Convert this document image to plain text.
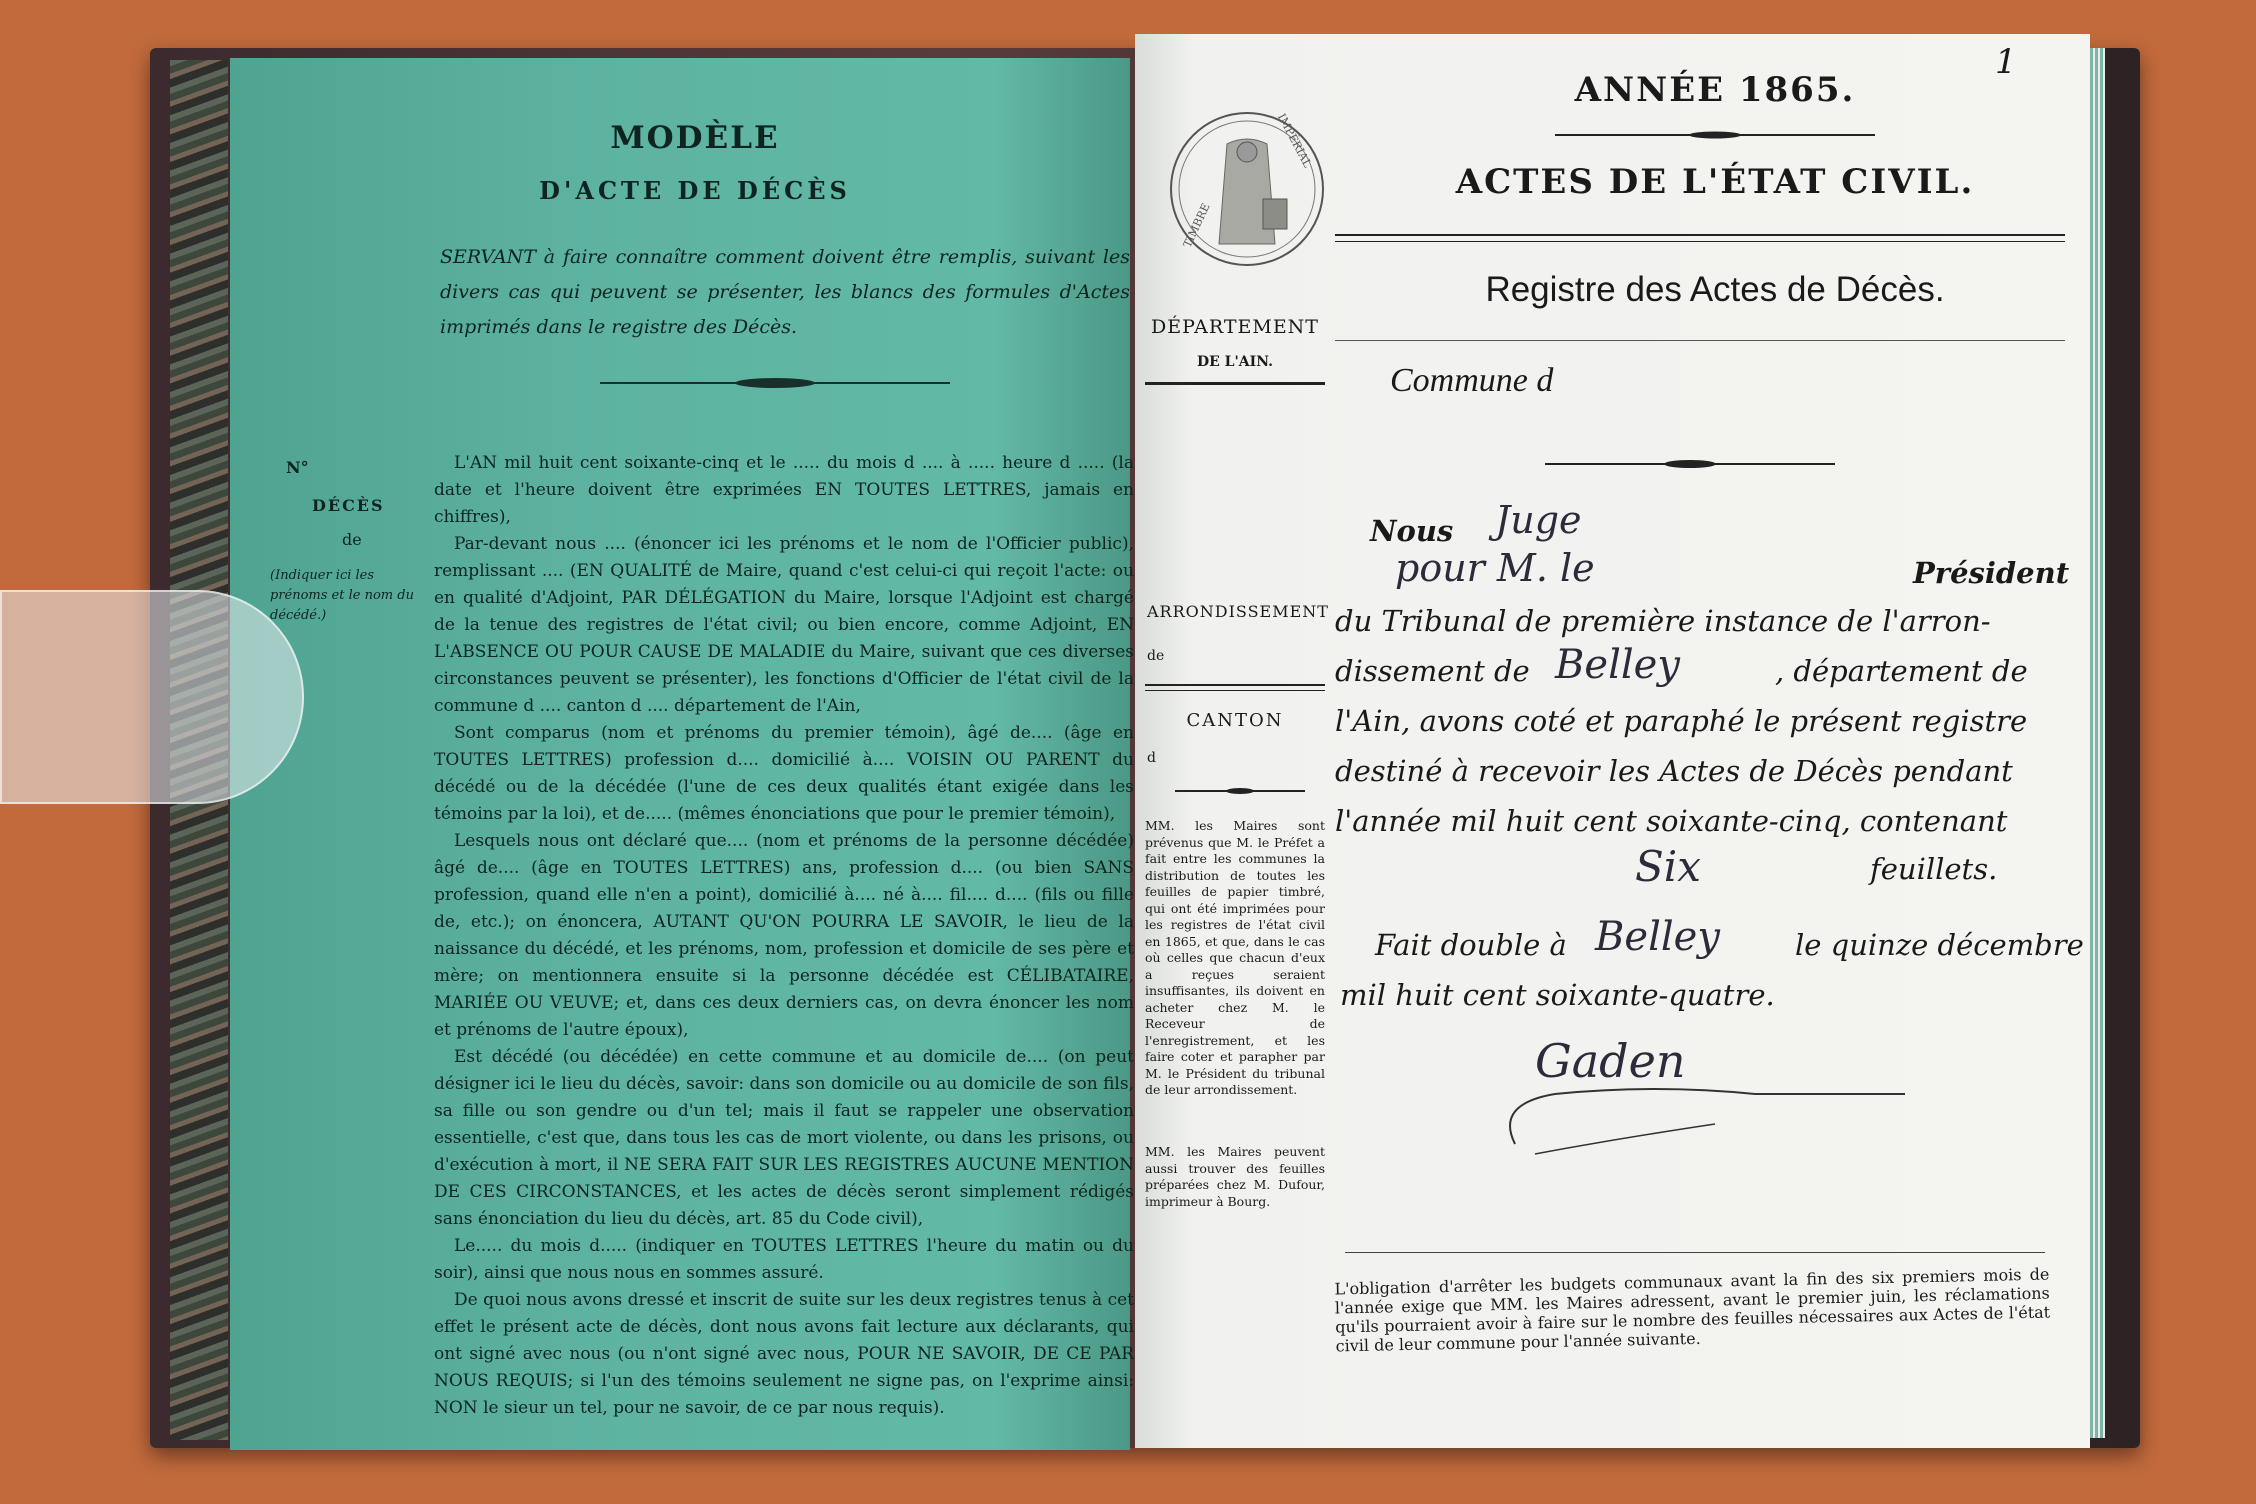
MODÈLE
D'ACTE DE DÉCÈS
SERVANT à faire connaître comment doivent être remplis, suivant les divers cas qui peuvent se présenter, les blancs des formules d'Actes imprimés dans le registre des Décès.
N°
DÉCÈS
de
(Indiquer ici les prénoms et le nom du décédé.)
L'AN mil huit cent soixante-cinq et le ..... du mois d .... à ..... heure d ..... (la date et l'heure doivent être exprimées EN TOUTES LETTRES, jamais en chiffres),
Par-devant nous .... (énoncer ici les prénoms et le nom de l'Officier public), remplissant .... (EN QUALITÉ de Maire, quand c'est celui-ci qui reçoit l'acte: ou en qualité d'Adjoint, PAR DÉLÉGATION du Maire, lorsque l'Adjoint est chargé de la tenue des registres de l'état civil; ou bien encore, comme Adjoint, EN L'ABSENCE OU POUR CAUSE DE MALADIE du Maire, suivant que ces diverses circonstances peuvent se présenter), les fonctions d'Officier de l'état civil de la commune d .... canton d .... département de l'Ain,
Sont comparus (nom et prénoms du premier témoin), âgé de.... (âge en TOUTES LETTRES) profession d.... domicilié à.... VOISIN OU PARENT du décédé ou de la décédée (l'une de ces deux qualités étant exigée dans les témoins par la loi), et de..... (mêmes énonciations que pour le premier témoin),
Lesquels nous ont déclaré que.... (nom et prénoms de la personne décédée) âgé de.... (âge en TOUTES LETTRES) ans, profession d.... (ou bien SANS profession, quand elle n'en a point), domicilié à.... né à.... fil.... d.... (fils ou fille de, etc.); on énoncera, AUTANT QU'ON POURRA LE SAVOIR, le lieu de la naissance du décédé, et les prénoms, nom, profession et domicile de ses père et mère; on mentionnera ensuite si la personne décédée est CÉLIBATAIRE, MARIÉE OU VEUVE; et, dans ces deux derniers cas, on devra énoncer les nom et prénoms de l'autre époux),
Est décédé (ou décédée) en cette commune et au domicile de.... (on peut désigner ici le lieu du décès, savoir: dans son domicile ou au domicile de son fils, sa fille ou son gendre ou d'un tel; mais il faut se rappeler une observation essentielle, c'est que, dans tous les cas de mort violente, ou dans les prisons, ou d'exécution à mort, il NE SERA FAIT SUR LES REGISTRES AUCUNE MENTION DE CES CIRCONSTANCES, et les actes de décès seront simplement rédigés sans énonciation du lieu du décès, art. 85 du Code civil),
Le..... du mois d..... (indiquer en TOUTES LETTRES l'heure du matin ou du soir), ainsi que nous nous en sommes assuré.
De quoi nous avons dressé et inscrit de suite sur les deux registres tenus à cet effet le présent acte de décès, dont nous avons fait lecture aux déclarants, qui ont signé avec nous (ou n'ont signé avec nous, POUR NE SAVOIR, DE CE PAR NOUS REQUIS; si l'un des témoins seulement ne signe pas, on l'exprime ainsi: NON le sieur un tel, pour ne savoir, de ce par nous requis).
1
TIMBRE
IMPÉRIAL
ANNÉE 1865.
ACTES DE L'ÉTAT CIVIL.
Registre des Actes de Décès.
DÉPARTEMENT
DE L'AIN.
ARRONDISSEMENT
de
CANTON
d
MM. les Maires sont prévenus que M. le Préfet a fait entre les communes la distribution de toutes les feuilles de papier timbré, qui ont été imprimées pour les registres de l'état civil en 1865, et que, dans le cas où celles que chacun d'eux a reçues seraient insuffisantes, ils doivent en acheter chez M. le Receveur de l'enregistrement, et les faire coter et parapher par M. le Président du tribunal de leur arrondissement.
MM. les Maires peuvent aussi trouver des feuilles préparées chez M. Dufour, imprimeur à Bourg.
Commune d
Nous Juge
pour M. le	Président
du Tribunal de première instance de l'arron-
dissement de Belley	, département de
l'Ain, avons coté et paraphé le présent registre
destiné à recevoir les Actes de Décès pendant
l'année mil huit cent soixante-cinq, contenant
Six	feuillets.
Fait double à Belley	le quinze décembre
mil huit cent soixante-quatre.
Gaden
L'obligation d'arrêter les budgets communaux avant la fin des six premiers mois de l'année exige que MM. les Maires adressent, avant le premier juin, les réclamations qu'ils pourraient avoir à faire sur le nombre des feuilles nécessaires aux Actes de l'état civil de leur commune pour l'année suivante.
